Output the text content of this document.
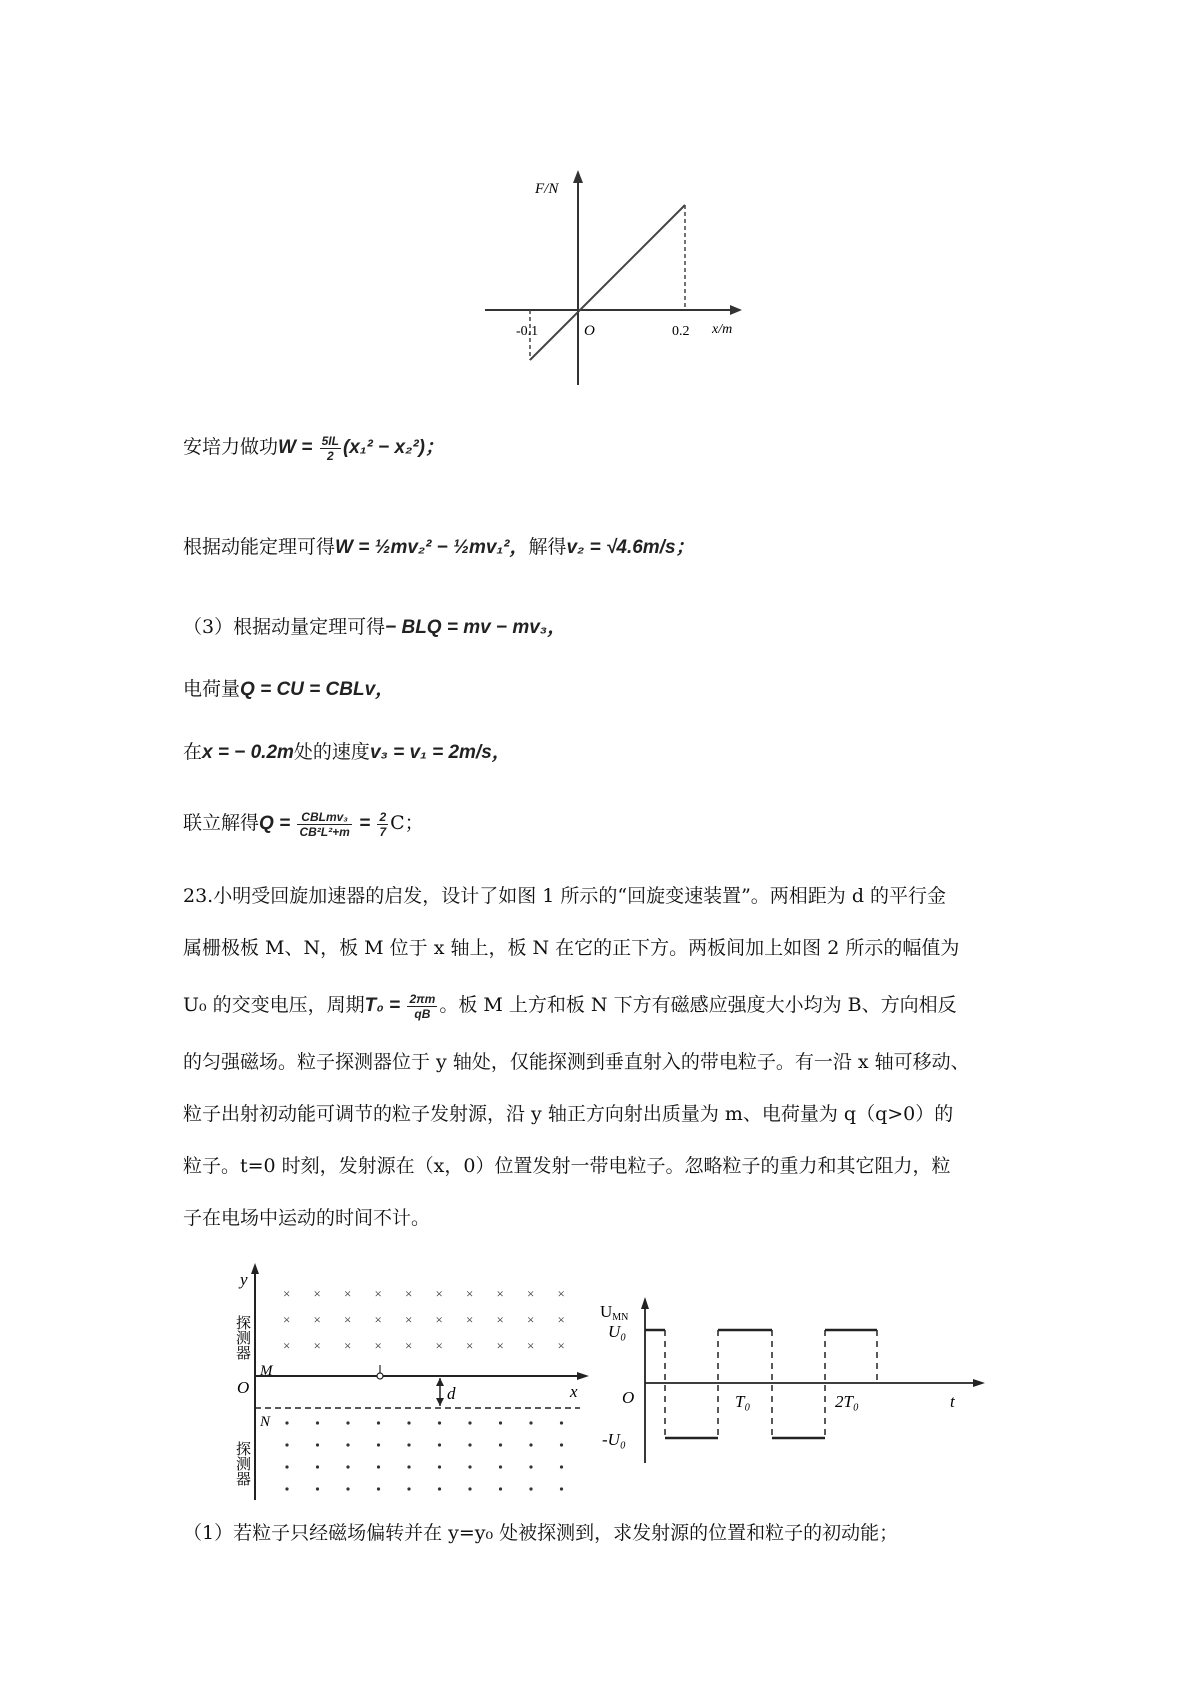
F/N
x/m
-0.1	O	0.2
安培力做功$W = \frac{5IL}{2} (x_1^2 - x_2^2)$；
根据动能定理可得W = ½mv₂² − ½mv₁²，解得v₂ = √4.6m/s；
（3）根据动量定理可得− BLQ = mv − mv₃，
电荷量Q = CU = CBLv，
在x = − 0.2m处的速度v₃ = v₁ = 2m/s，
联立解得$Q = \frac{\text{CBLmv₃}}{\text{CB²L²+m}} = \frac{2}{7}$ C；
23.小明受回旋加速器的启发，设计了如图 1 所示的“回旋变速装置”。两相距为 d 的平行金
属栅极板 M、N，板 M 位于 x 轴上，板 N 在它的正下方。两板间加上如图 2 所示的幅值为
U₀ 的交变电压，周期$T_0 = \frac{2\pi m}{qB}$ 。板 M 上方和板 N 下方有磁感应强度大小均为 B、方向相反
的匀强磁场。粒子探测器位于 y 轴处，仅能探测到垂直射入的带电粒子。有一沿 x 轴可移动、
粒子出射初动能可调节的粒子发射源，沿 y 轴正方向射出质量为 m、电荷量为 q（q>0）的
粒子。t=0 时刻，发射源在（x，0）位置发射一带电粒子。忽略粒子的重力和其它阻力，粒
子在电场中运动的时间不计。
y
探测器
探测器
x
O
M
N
d
× × × × × × × × × ×
× × × × × × × × × ×
× × × × × × × × × ×
UMN
U₀
-U₀
O	T₀	2T₀	t
（1）若粒子只经磁场偏转并在 y=y₀ 处被探测到，求发射源的位置和粒子的初动能；
